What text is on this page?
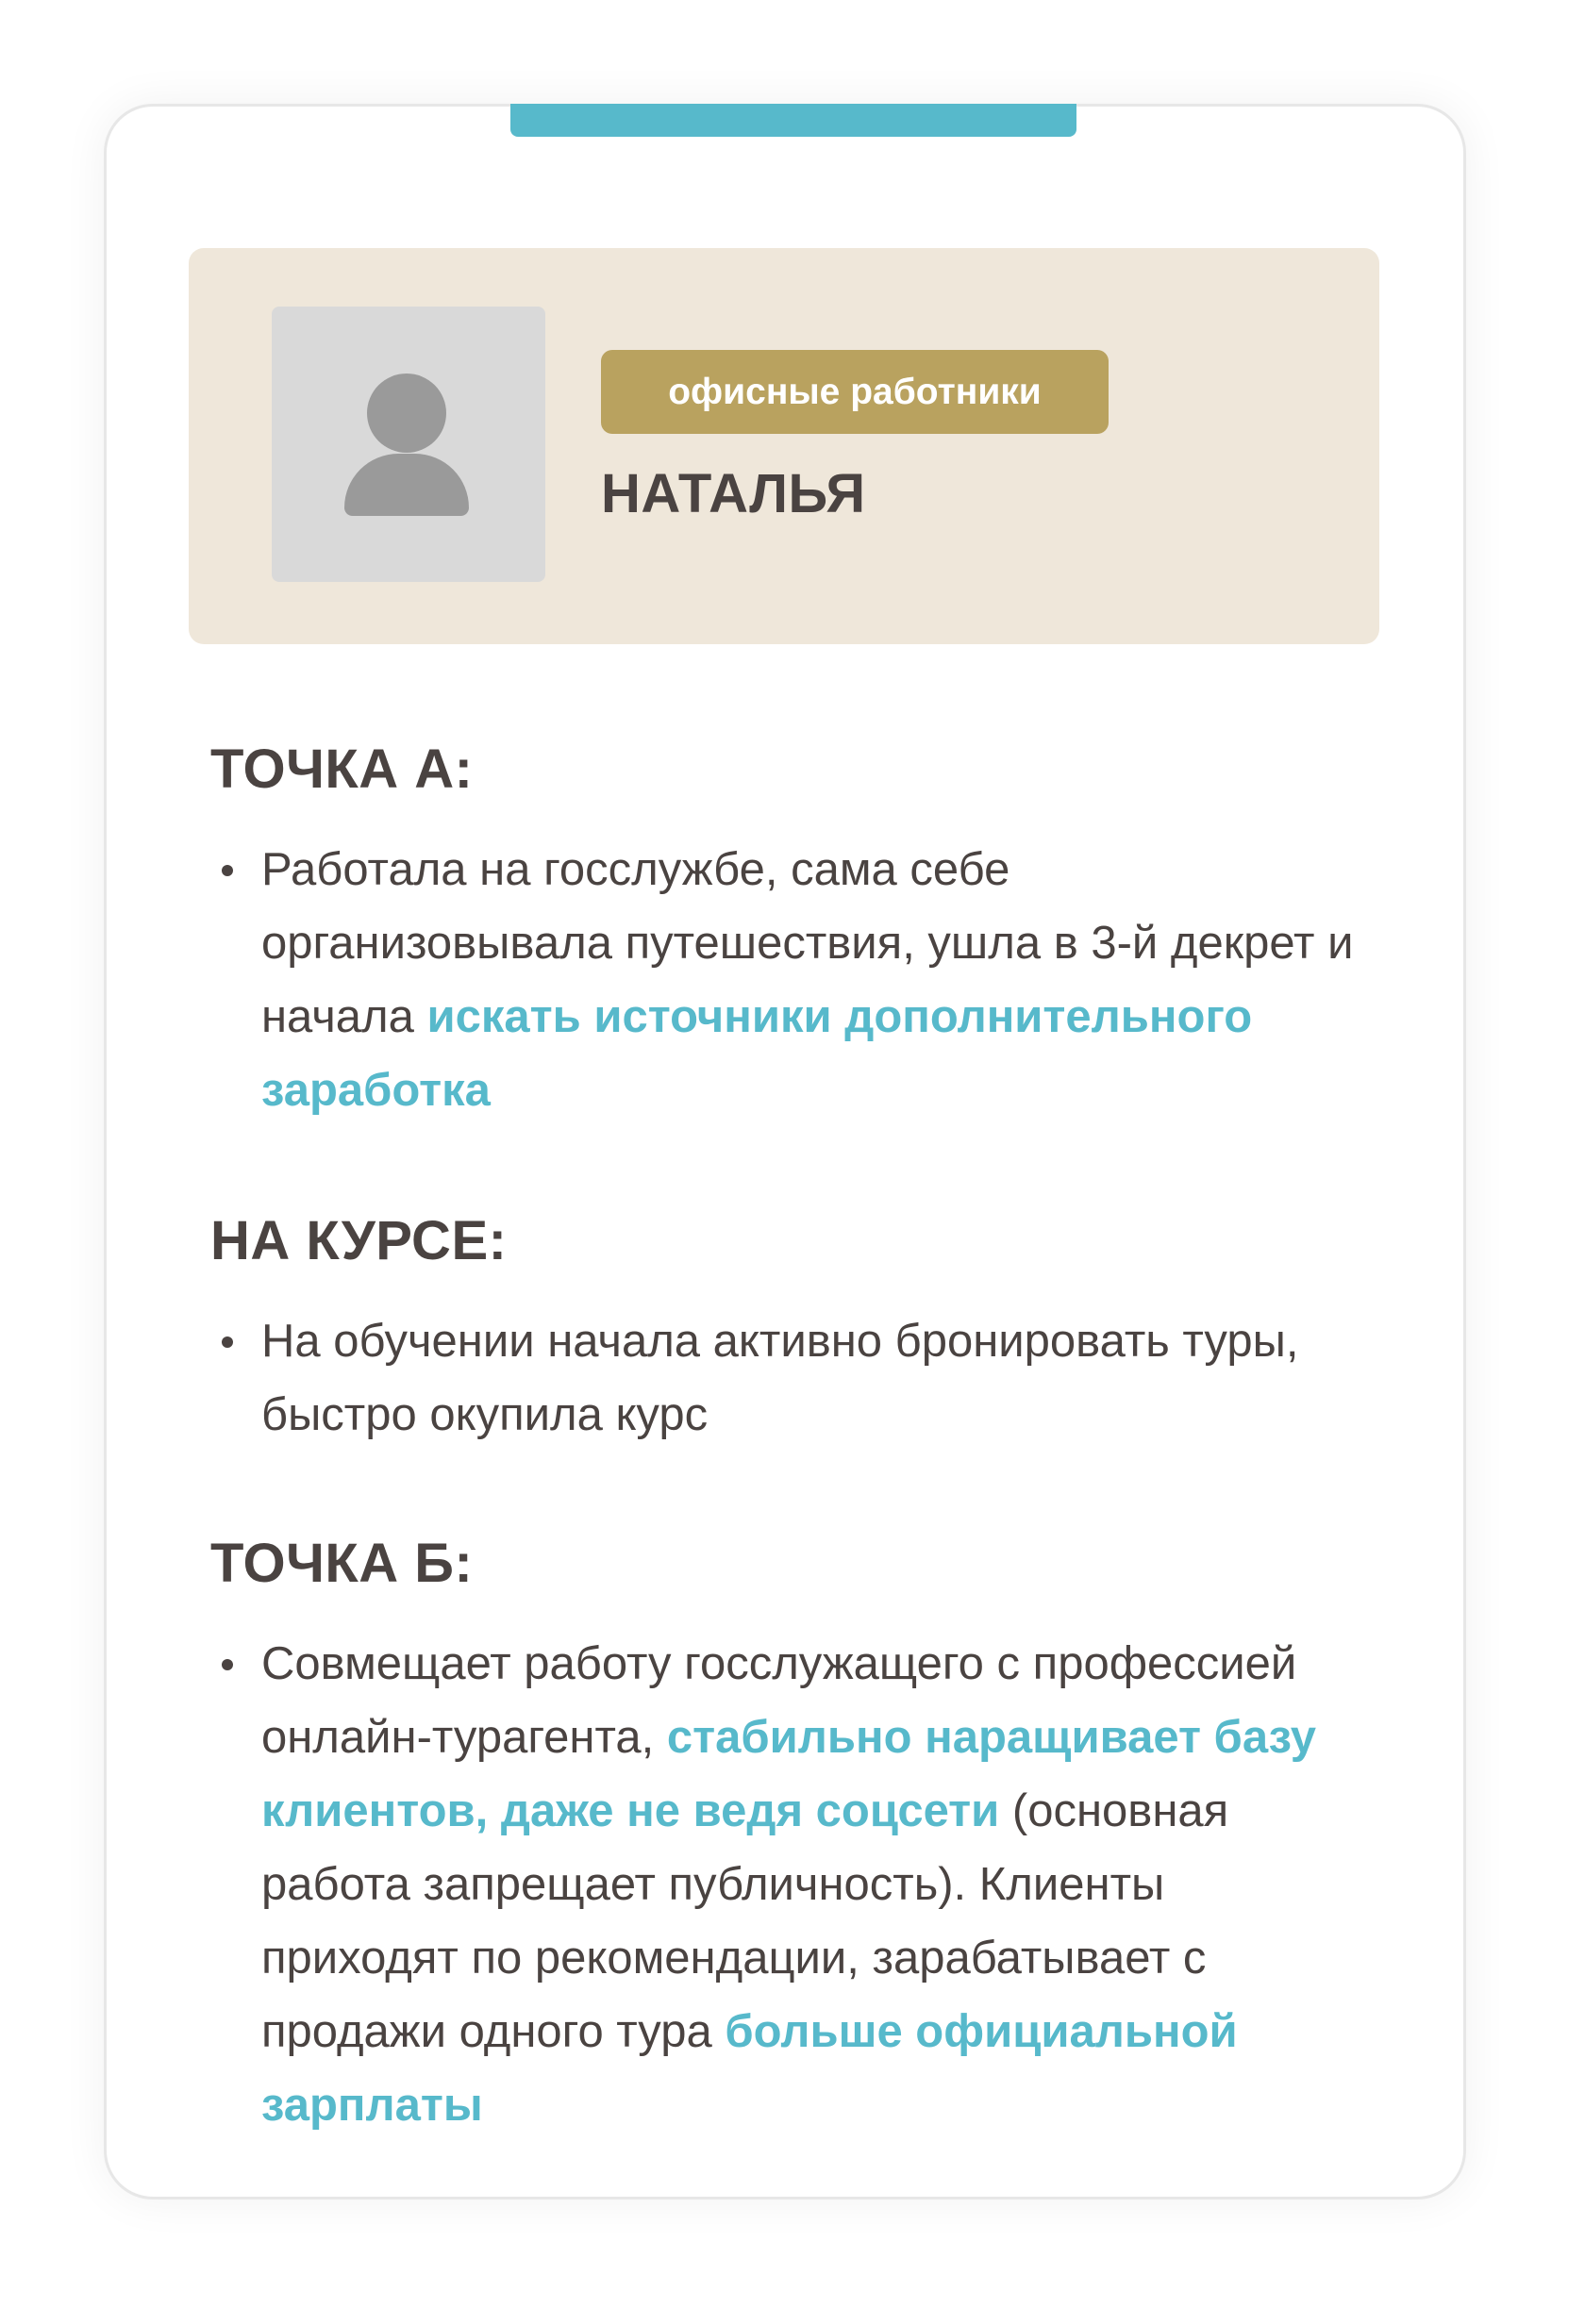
офисные работники
НАТАЛЬЯ
ТОЧКА А:
Работала на госслужбе, сама себе организовывала путешествия, ушла в 3-й декрет и начала искать источники дополнительного заработка
НА КУРСЕ:
На обучении начала активно бронировать туры, быстро окупила курс
ТОЧКА Б:
Совмещает работу госслужащего с профессией онлайн-турагента, стабильно наращивает базу клиентов, даже не ведя соцсети (основная работа запрещает публичность). Клиенты приходят по рекомендации, зарабатывает с продажи одного тура больше официальной зарплаты
